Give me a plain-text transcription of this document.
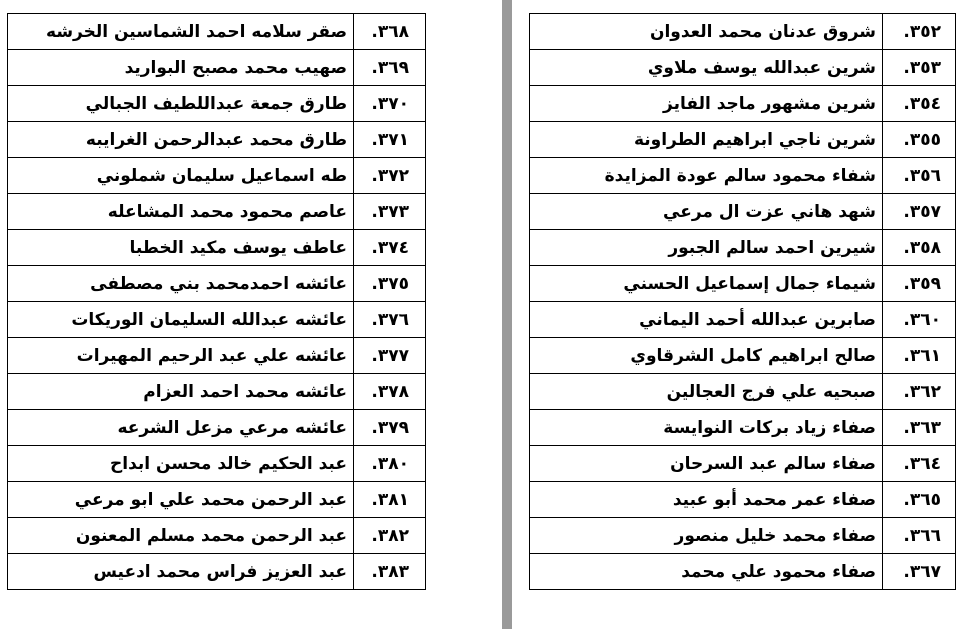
صقر سلامه احمد الشماسين الخرشه	٣٦٨.
صهيب محمد مصبح البواريد	٣٦٩.
طارق جمعة عبداللطيف الجبالي	٣٧٠.
طارق محمد عبدالرحمن الغرايبه	٣٧١.
طه اسماعيل سليمان شملوني	٣٧٢.
عاصم محمود محمد المشاعله	٣٧٣.
عاطف يوسف مكيد الخطبا	٣٧٤.
عائشه احمدمحمد بني مصطفى	٣٧٥.
عائشه عبدالله السليمان الوريكات	٣٧٦.
عائشه علي عبد الرحيم المهيرات	٣٧٧.
عائشه محمد احمد العزام	٣٧٨.
عائشه مرعي مزعل الشرعه	٣٧٩.
عبد الحكيم خالد محسن ابداح	٣٨٠.
عبد الرحمن محمد علي ابو مرعي	٣٨١.
عبد الرحمن محمد مسلم المعنون	٣٨٢.
عبد العزيز فراس محمد ادعيس	٣٨٣.
شروق عدنان محمد العدوان	٣٥٢.
شرين عبدالله يوسف ملاوي	٣٥٣.
شرين مشهور ماجد الفايز	٣٥٤.
شرين ناجي ابراهيم الطراونة	٣٥٥.
شفاء محمود سالم عودة المزايدة	٣٥٦.
شهد هاني عزت ال مرعي	٣٥٧.
شيرين احمد سالم الجبور	٣٥٨.
شيماء جمال إسماعيل الحسني	٣٥٩.
صابرين عبدالله أحمد اليماني	٣٦٠.
صالح ابراهيم كامل الشرقاوي	٣٦١.
صبحيه علي فرج العجالين	٣٦٢.
صفاء زياد بركات النوايسة	٣٦٣.
صفاء سالم عبد السرحان	٣٦٤.
صفاء عمر محمد أبو عبيد	٣٦٥.
صفاء محمد خليل منصور	٣٦٦.
صفاء محمود علي محمد	٣٦٧.
